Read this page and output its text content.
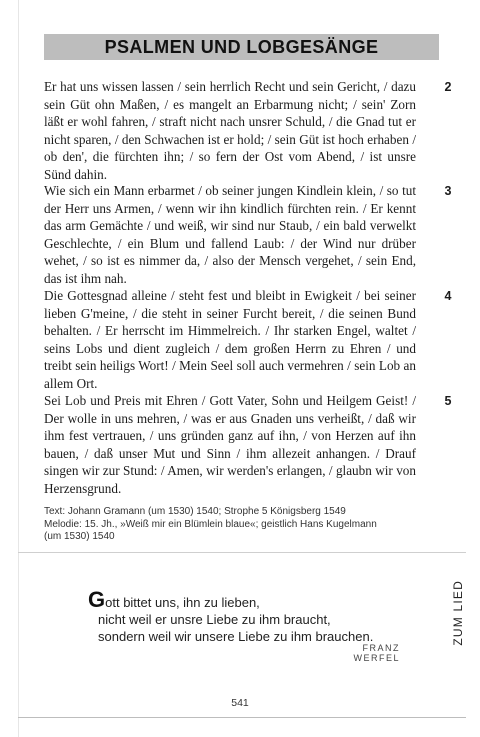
PSALMEN UND LOBGESÄNGE
Er hat uns wissen lassen / sein herrlich Recht und sein Gericht, / dazu sein Güt ohn Maßen, / es mangelt an Erbarmung nicht; / sein' Zorn läßt er wohl fahren, / straft nicht nach unsrer Schuld, / die Gnad tut er nicht sparen, / den Schwachen ist er hold; / sein Güt ist hoch erhaben / ob den', die fürchten ihn; / so fern der Ost vom Abend, / ist unsre Sünd dahin.
2
Wie sich ein Mann erbarmet / ob seiner jungen Kindlein klein, / so tut der Herr uns Armen, / wenn wir ihn kindlich fürchten rein. / Er kennt das arm Gemächte / und weiß, wir sind nur Staub, / ein bald verwelkt Geschlechte, / ein Blum und fallend Laub: / der Wind nur drüber wehet, / so ist es nimmer da, / also der Mensch vergehet, / sein End, das ist ihm nah.
3
Die Gottesgnad alleine / steht fest und bleibt in Ewigkeit / bei seiner lieben G'meine, / die steht in seiner Furcht bereit, / die seinen Bund behalten. / Er herrscht im Himmelreich. / Ihr starken Engel, waltet / seins Lobs und dient zugleich / dem großen Herrn zu Ehren / und treibt sein heiligs Wort! / Mein Seel soll auch vermehren / sein Lob an allem Ort.
4
Sei Lob und Preis mit Ehren / Gott Vater, Sohn und Heilgem Geist! / Der wolle in uns mehren, / was er aus Gnaden uns verheißt, / daß wir ihm fest vertrauen, / uns gründen ganz auf ihn, / von Herzen auf ihn bauen, / daß unser Mut und Sinn / ihm allezeit anhangen. / Drauf singen wir zur Stund: / Amen, wir werden's erlangen, / glaubn wir von Herzensgrund.
5
Text: Johann Gramann (um 1530) 1540; Strophe 5 Königsberg 1549
Melodie: 15. Jh., »Weiß mir ein Blümlein blaue«; geistlich Hans Kugelmann
(um 1530) 1540
Gott bittet uns, ihn zu lieben,
nicht weil er unsre Liebe zu ihm braucht,
sondern weil wir unsere Liebe zu ihm brauchen.
FRANZ WERFEL
ZUM LIED
541
